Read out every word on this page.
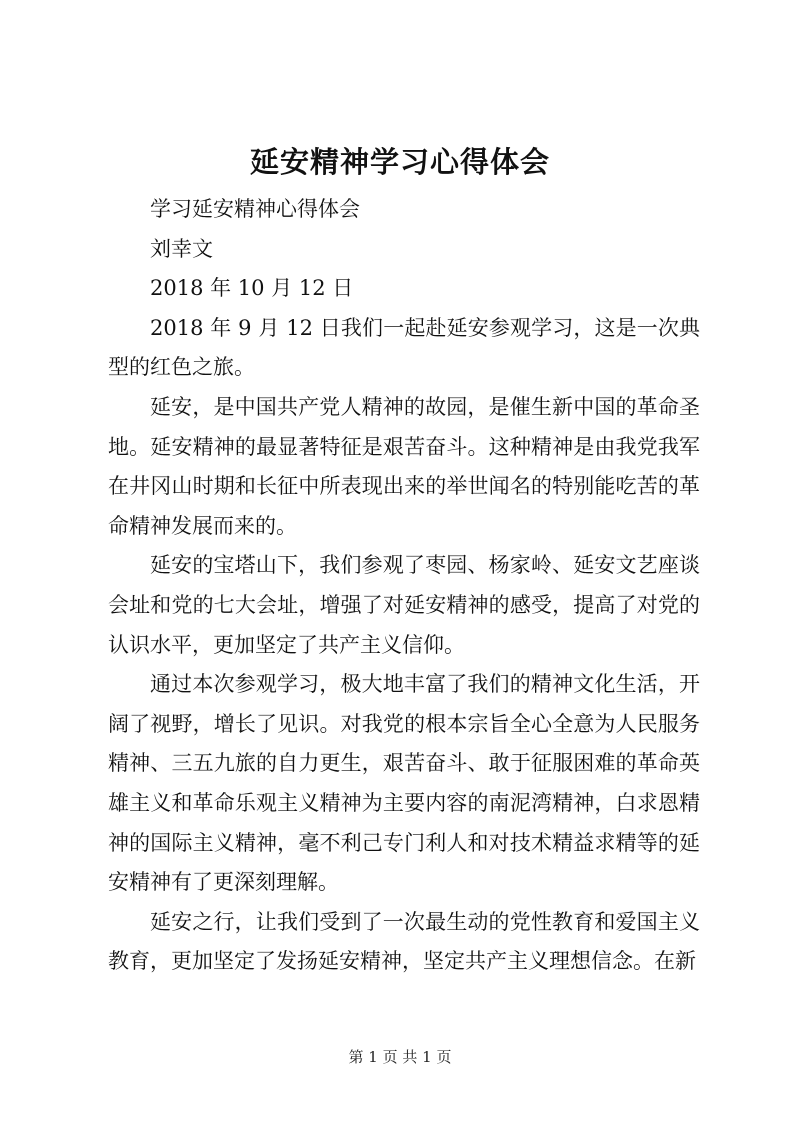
延安精神学习心得体会

学习延安精神心得体会

刘幸文

2018 年 10 月 12 日

2018 年 9 月 12 日我们一起赴延安参观学习，这是一次典型的红色之旅。

延安，是中国共产党人精神的故园，是催生新中国的革命圣地。延安精神的最显著特征是艰苦奋斗。这种精神是由我党我军在井冈山时期和长征中所表现出来的举世闻名的特别能吃苦的革命精神发展而来的。

延安的宝塔山下，我们参观了枣园、杨家岭、延安文艺座谈会址和党的七大会址，增强了对延安精神的感受，提高了对党的认识水平，更加坚定了共产主义信仰。

通过本次参观学习，极大地丰富了我们的精神文化生活，开阔了视野，增长了见识。对我党的根本宗旨全心全意为人民服务精神、三五九旅的自力更生，艰苦奋斗、敢于征服困难的革命英雄主义和革命乐观主义精神为主要内容的南泥湾精神，白求恩精神的国际主义精神，毫不利己专门利人和对技术精益求精等的延安精神有了更深刻理解。

延安之行，让我们受到了一次最生动的党性教育和爱国主义教育，更加坚定了发扬延安精神，坚定共产主义理想信念。在新

第 1 页 共 1 页
